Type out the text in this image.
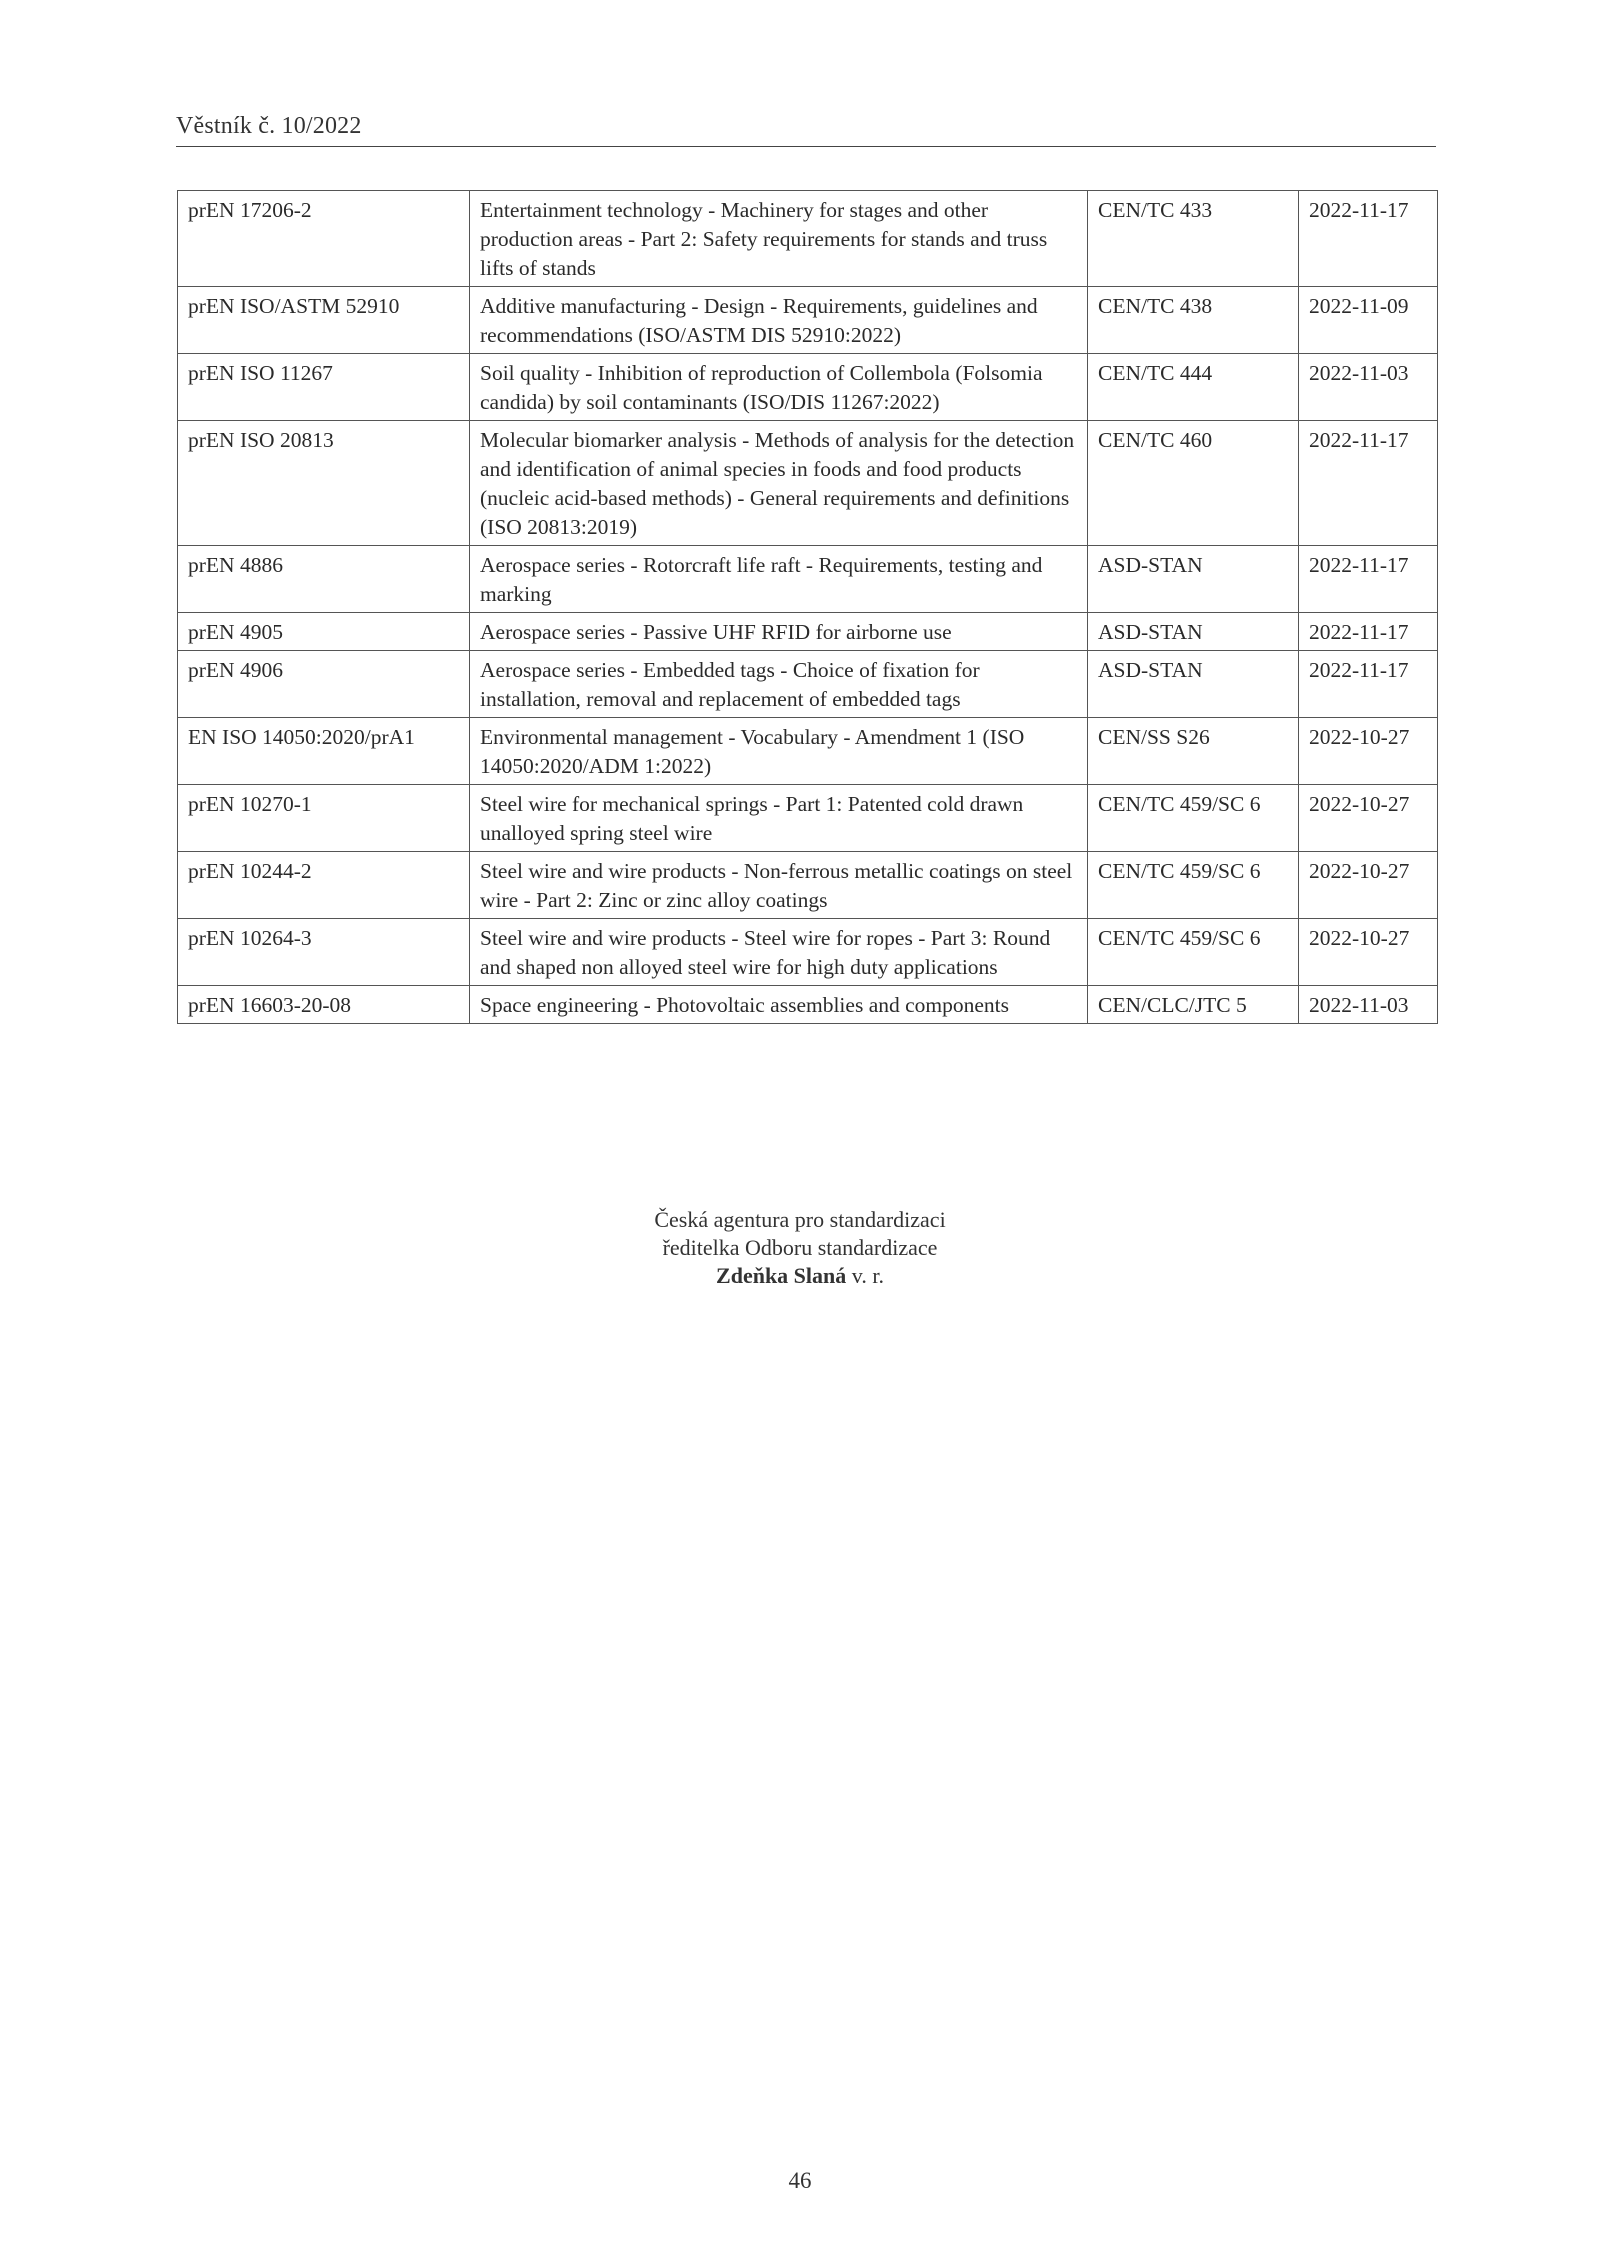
Věstník č. 10/2022
prEN 17206-2	Entertainment technology - Machinery for stages and other production areas - Part 2: Safety requirements for stands and truss lifts of stands	CEN/TC 433	2022-11-17
prEN ISO/ASTM 52910	Additive manufacturing - Design - Requirements, guidelines and recommendations (ISO/ASTM DIS 52910:2022)	CEN/TC 438	2022-11-09
prEN ISO 11267	Soil quality - Inhibition of reproduction of Collembola (Folsomia candida) by soil contaminants (ISO/DIS 11267:2022)	CEN/TC 444	2022-11-03
prEN ISO 20813	Molecular biomarker analysis - Methods of analysis for the detection and identification of animal species in foods and food products (nucleic acid-based methods) - General requirements and definitions (ISO 20813:2019)	CEN/TC 460	2022-11-17
prEN 4886	Aerospace series - Rotorcraft life raft - Requirements, testing and marking	ASD-STAN	2022-11-17
prEN 4905	Aerospace series - Passive UHF RFID for airborne use	ASD-STAN	2022-11-17
prEN 4906	Aerospace series - Embedded tags - Choice of fixation for installation, removal and replacement of embedded tags	ASD-STAN	2022-11-17
EN ISO 14050:2020/prA1	Environmental management - Vocabulary - Amendment 1 (ISO 14050:2020/ADM 1:2022)	CEN/SS S26	2022-10-27
prEN 10270-1	Steel wire for mechanical springs - Part 1: Patented cold drawn unalloyed spring steel wire	CEN/TC 459/SC 6	2022-10-27
prEN 10244-2	Steel wire and wire products - Non-ferrous metallic coatings on steel wire - Part 2: Zinc or zinc alloy coatings	CEN/TC 459/SC 6	2022-10-27
prEN 10264-3	Steel wire and wire products - Steel wire for ropes - Part 3: Round and shaped non alloyed steel wire for high duty applications	CEN/TC 459/SC 6	2022-10-27
prEN 16603-20-08	Space engineering - Photovoltaic assemblies and components	CEN/CLC/JTC 5	2022-11-03
Česká agentura pro standardizaci
ředitelka Odboru standardizace
Zdeňka Slaná v. r.
46
